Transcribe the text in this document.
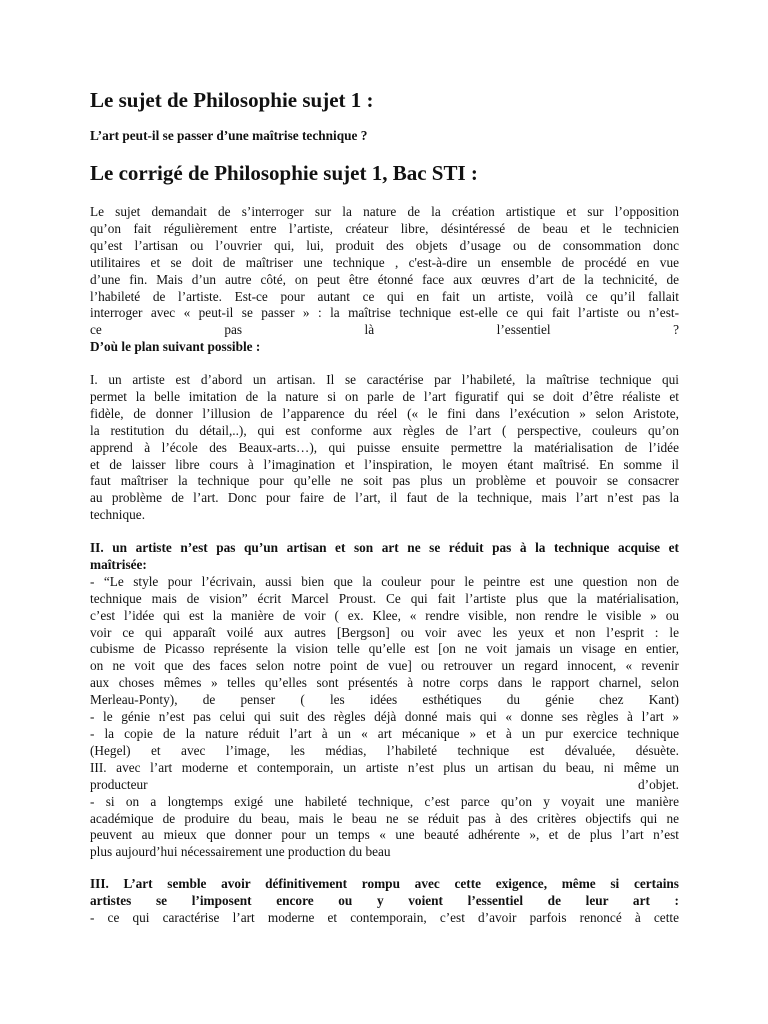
Le sujet de Philosophie sujet 1 :
L’art peut-il se passer d’une maîtrise technique ?
Le corrigé de Philosophie sujet 1, Bac STI :
Le sujet demandait de s’interroger sur la nature de la création artistique et sur l’opposition
qu’on fait régulièrement entre l’artiste, créateur libre, désintéressé de beau et le technicien
qu’est l’artisan ou l’ouvrier qui, lui, produit des objets d’usage ou de consommation donc
utilitaires et se doit de maîtriser une technique , c'est-à-dire un ensemble de procédé en vue
d’une fin. Mais d’un autre côté, on peut être étonné face aux œuvres d’art de la technicité, de
l’habileté de l’artiste. Est-ce pour autant ce qui en fait un artiste, voilà ce qu’il fallait
interroger avec « peut-il se passer » : la maîtrise technique est-elle ce qui fait l’artiste ou n’est-
ce pas là l’essentiel ?
D’où le plan suivant possible :
I. un artiste est d’abord un artisan. Il se caractérise par l’habileté, la maîtrise technique qui
permet la belle imitation de la nature si on parle de l’art figuratif qui se doit d’être réaliste et
fidèle, de donner l’illusion de l’apparence du réel (« le fini dans l’exécution » selon Aristote,
la restitution du détail,..), qui est conforme aux règles de l’art ( perspective, couleurs qu’on
apprend à l’école des Beaux-arts…), qui puisse ensuite permettre la matérialisation de l’idée
et de laisser libre cours à l’imagination et l’inspiration, le moyen étant maîtrisé. En somme il
faut maîtriser la technique pour qu’elle ne soit pas plus un problème et pouvoir se consacrer
au problème de l’art. Donc pour faire de l’art, il faut de la technique, mais l’art n’est pas la
technique.
II. un artiste n’est pas qu’un artisan et son art ne se réduit pas à la technique acquise et
maîtrisée:
- “Le style pour l’écrivain, aussi bien que la couleur pour le peintre est une question non de
technique mais de vision” écrit Marcel Proust. Ce qui fait l’artiste plus que la matérialisation,
c’est l’idée qui est la manière de voir ( ex. Klee, « rendre visible, non rendre le visible » ou
voir ce qui apparaît voilé aux autres [Bergson] ou voir avec les yeux et non l’esprit : le
cubisme de Picasso représente la vision telle qu’elle est [on ne voit jamais un visage en entier,
on ne voit que des faces selon notre point de vue] ou retrouver un regard innocent, « revenir
aux choses mêmes » telles qu’elles sont présentés à notre corps dans le rapport charnel, selon
Merleau-Ponty), de penser ( les idées esthétiques du génie chez Kant)
- le génie n’est pas celui qui suit des règles déjà donné mais qui « donne ses règles à l’art »
- la copie de la nature réduit l’art à un « art mécanique » et à un pur exercice technique
(Hegel) et avec l’image, les médias, l’habileté technique est dévaluée, désuète.
III. avec l’art moderne et contemporain, un artiste n’est plus un artisan du beau, ni même un
producteur d’objet.
- si on a longtemps exigé une habileté technique, c’est parce qu’on y voyait une manière
académique de produire du beau, mais le beau ne se réduit pas à des critères objectifs qui ne
peuvent au mieux que donner pour un temps « une beauté adhérente », et de plus l’art n’est
plus aujourd’hui nécessairement une production du beau
III. L’art semble avoir définitivement rompu avec cette exigence, même si certains
artistes se l’imposent encore ou y voient l’essentiel de leur art :
- ce qui caractérise l’art moderne et contemporain, c’est d’avoir parfois renoncé à cette
